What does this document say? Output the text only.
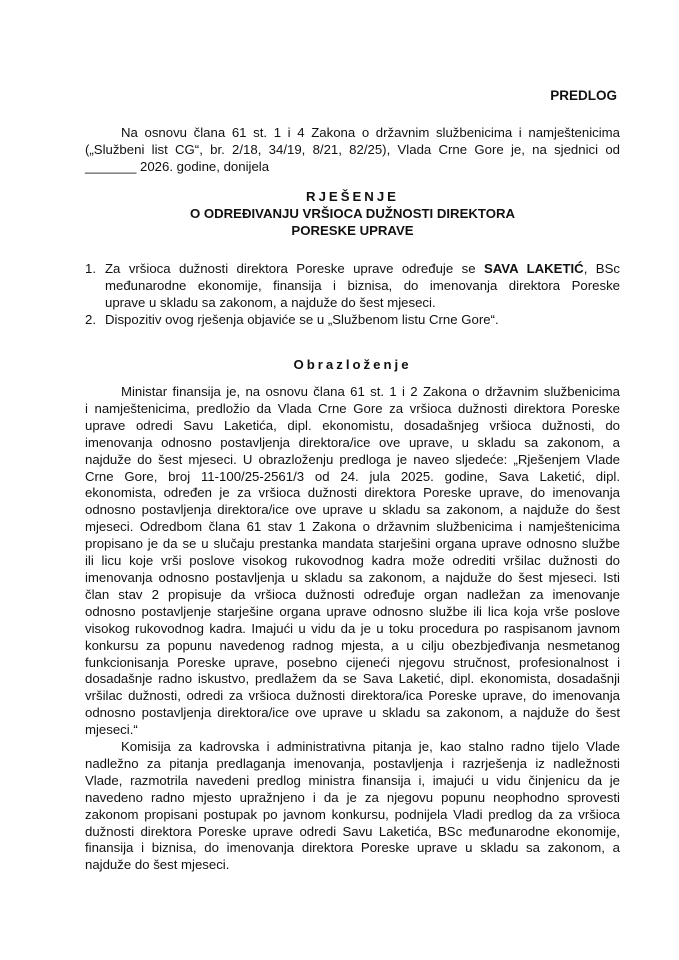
PREDLOG
Na osnovu člana 61 st. 1 i 4 Zakona o državnim službenicima i namještenicima
(„Službeni list CG“, br. 2/18, 34/19, 8/21, 82/25), Vlada Crne Gore je, na sjednici od
_______ 2026. godine, donijela
RJEŠENJE
O ODREĐIVANJU VRŠIOCA DUŽNOSTI DIREKTORA
PORESKE UPRAVE
1. Za vršioca dužnosti direktora Poreske uprave određuje se SAVA LAKETIĆ, BSc
međunarodne ekonomije, finansija i biznisa, do imenovanja direktora Poreske
uprave u skladu sa zakonom, a najduže do šest mjeseci.
2. Dispozitiv ovog rješenja objaviće se u „Službenom listu Crne Gore“.
Obrazloženje
Ministar finansija je, na osnovu člana 61 st. 1 i 2 Zakona o državnim službenicima
i namještenicima, predložio da Vlada Crne Gore za vršioca dužnosti direktora Poreske
uprave odredi Savu Laketića, dipl. ekonomistu, dosadašnjeg vršioca dužnosti, do
imenovanja odnosno postavljenja direktora/ice ove uprave, u skladu sa zakonom, a
najduže do šest mjeseci. U obrazloženju predloga je naveo sljedeće: „Rješenjem Vlade
Crne Gore, broj 11-100/25-2561/3 od 24. jula 2025. godine, Sava Laketić, dipl.
ekonomista, određen je za vršioca dužnosti direktora Poreske uprave, do imenovanja
odnosno postavljenja direktora/ice ove uprave u skladu sa zakonom, a najduže do šest
mjeseci. Odredbom člana 61 stav 1 Zakona o državnim službenicima i namještenicima
propisano je da se u slučaju prestanka mandata starješini organa uprave odnosno službe
ili licu koje vrši poslove visokog rukovodnog kadra može odrediti vršilac dužnosti do
imenovanja odnosno postavljenja u skladu sa zakonom, a najduže do šest mjeseci. Isti
član stav 2 propisuje da vršioca dužnosti određuje organ nadležan za imenovanje
odnosno postavljenje starješine organa uprave odnosno službe ili lica koja vrše poslove
visokog rukovodnog kadra. Imajući u vidu da je u toku procedura po raspisanom javnom
konkursu za popunu navedenog radnog mjesta, a u cilju obezbjeđivanja nesmetanog
funkcionisanja Poreske uprave, posebno cijeneći njegovu stručnost, profesionalnost i
dosadašnje radno iskustvo, predlažem da se Sava Laketić, dipl. ekonomista, dosadašnji
vršilac dužnosti, odredi za vršioca dužnosti direktora/ica Poreske uprave, do imenovanja
odnosno postavljenja direktora/ice ove uprave u skladu sa zakonom, a najduže do šest
mjeseci.“
Komisija za kadrovska i administrativna pitanja je, kao stalno radno tijelo Vlade
nadležno za pitanja predlaganja imenovanja, postavljenja i razrješenja iz nadležnosti
Vlade, razmotrila navedeni predlog ministra finansija i, imajući u vidu činjenicu da je
navedeno radno mjesto upražnjeno i da je za njegovu popunu neophodno sprovesti
zakonom propisani postupak po javnom konkursu, podnijela Vladi predlog da za vršioca
dužnosti direktora Poreske uprave odredi Savu Laketića, BSc međunarodne ekonomije,
finansija i biznisa, do imenovanja direktora Poreske uprave u skladu sa zakonom, a
najduže do šest mjeseci.
